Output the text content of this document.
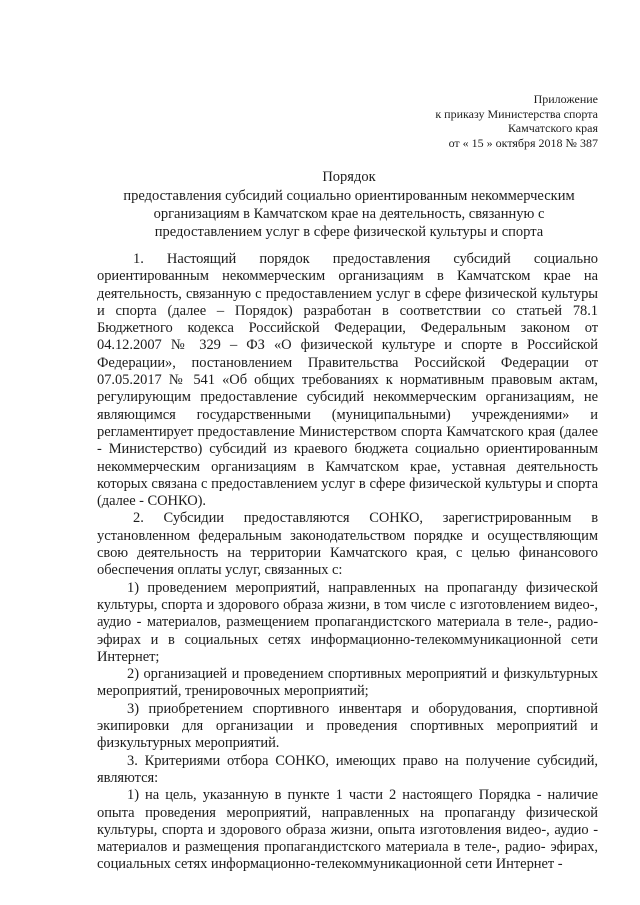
Приложение
к приказу Министерства спорта
Камчатского края
от « 15 » октября 2018 № 387
Порядок
предоставления субсидий социально ориентированным некоммерческим
организациям в Камчатском крае на деятельность, связанную с
предоставлением услуг в сфере физической культуры и спорта

1. Настоящий порядок предоставления субсидий социально ориентированным некоммерческим организациям в Камчатском крае на деятельность, связанную с предоставлением услуг в сфере физической культуры и спорта (далее – Порядок) разработан в соответствии со статьей 78.1 Бюджетного кодекса Российской Федерации, Федеральным законом от 04.12.2007 № 329 – ФЗ «О физической культуре и спорте в Российской Федерации», постановлением Правительства Российской Федерации от 07.05.2017 № 541 «Об общих требованиях к нормативным правовым актам, регулирующим предоставление субсидий некоммерческим организациям, не являющимся государственными (муниципальными) учреждениями» и регламентирует предоставление Министерством спорта Камчатского края (далее - Министерство) субсидий из краевого бюджета социально ориентированным некоммерческим организациям в Камчатском крае, уставная деятельность которых связана с предоставлением услуг в сфере физической культуры и спорта (далее - СОНКО).

2. Субсидии предоставляются СОНКО, зарегистрированным в установленном федеральным законодательством порядке и осуществляющим свою деятельность на территории Камчатского края, с целью финансового обеспечения оплаты услуг, связанных с:

1) проведением мероприятий, направленных на пропаганду физической культуры, спорта и здорового образа жизни, в том числе с изготовлением видео-, аудио - материалов, размещением пропагандистского материала в теле-, радио- эфирах и в социальных сетях информационно-телекоммуникационной сети Интернет;

2) организацией и проведением спортивных мероприятий и физкультурных мероприятий, тренировочных мероприятий;

3) приобретением спортивного инвентаря и оборудования, спортивной экипировки для организации и проведения спортивных мероприятий и физкультурных мероприятий.

3. Критериями отбора СОНКО, имеющих право на получение субсидий, являются:

1) на цель, указанную в пункте 1 части 2 настоящего Порядка - наличие опыта проведения мероприятий, направленных на пропаганду физической культуры, спорта и здорового образа жизни, опыта изготовления видео-, аудио - материалов и размещения пропагандистского материала в теле-, радио- эфирах, социальных сетях информационно-телекоммуникационной сети Интернет -
